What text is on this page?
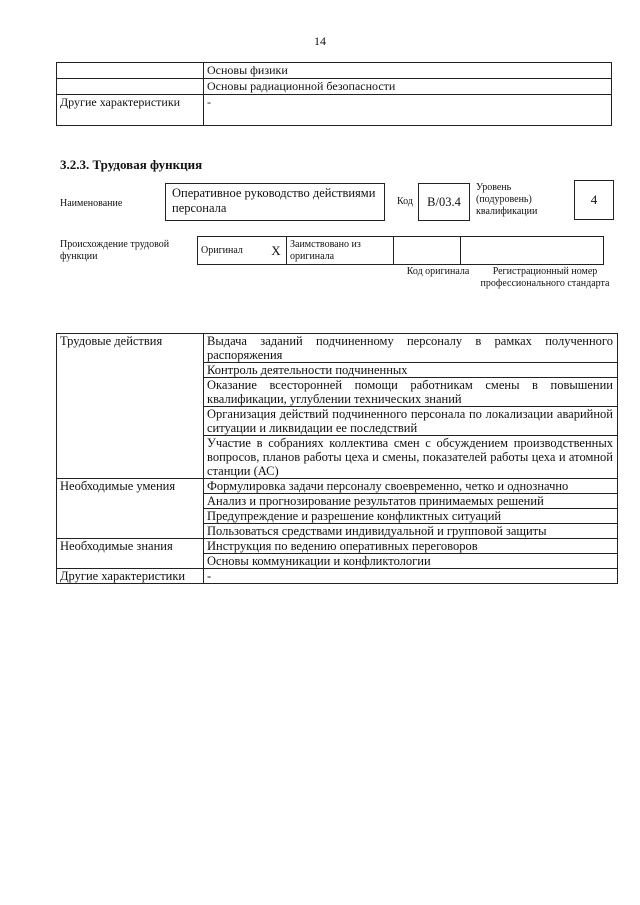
14
	Основы физики
	Основы радиационной безопасности
Другие характеристики	-
3.2.3. Трудовая функция
Наименование
Оперативное руководство действиями персонала	Код	B/03.4
Уровень (подуровень) квалификации
4
Происхождение трудовой функции
Оригинал	X	Заимствовано из оригинала		
Код оригинала	Регистрационный номер профессионального стандарта
Трудовые действия	Выдача заданий подчиненному персоналу в рамках полученного распоряжения
	Контроль деятельности подчиненных
	Оказание всесторонней помощи работникам смены в повышении квалификации, углублении технических знаний
	Организация действий подчиненного персонала по локализации аварийной ситуации и ликвидации ее последствий
	Участие в собраниях коллектива смен с обсуждением производственных вопросов, планов работы цеха и смены, показателей работы цеха и атомной станции (АС)
Необходимые умения	Формулировка задачи персоналу своевременно, четко и однозначно
	Анализ и прогнозирование результатов принимаемых решений
	Предупреждение и разрешение конфликтных ситуаций
	Пользоваться средствами индивидуальной и групповой защиты
Необходимые знания	Инструкция по ведению оперативных переговоров
	Основы коммуникации и конфликтологии
Другие характеристики	-
